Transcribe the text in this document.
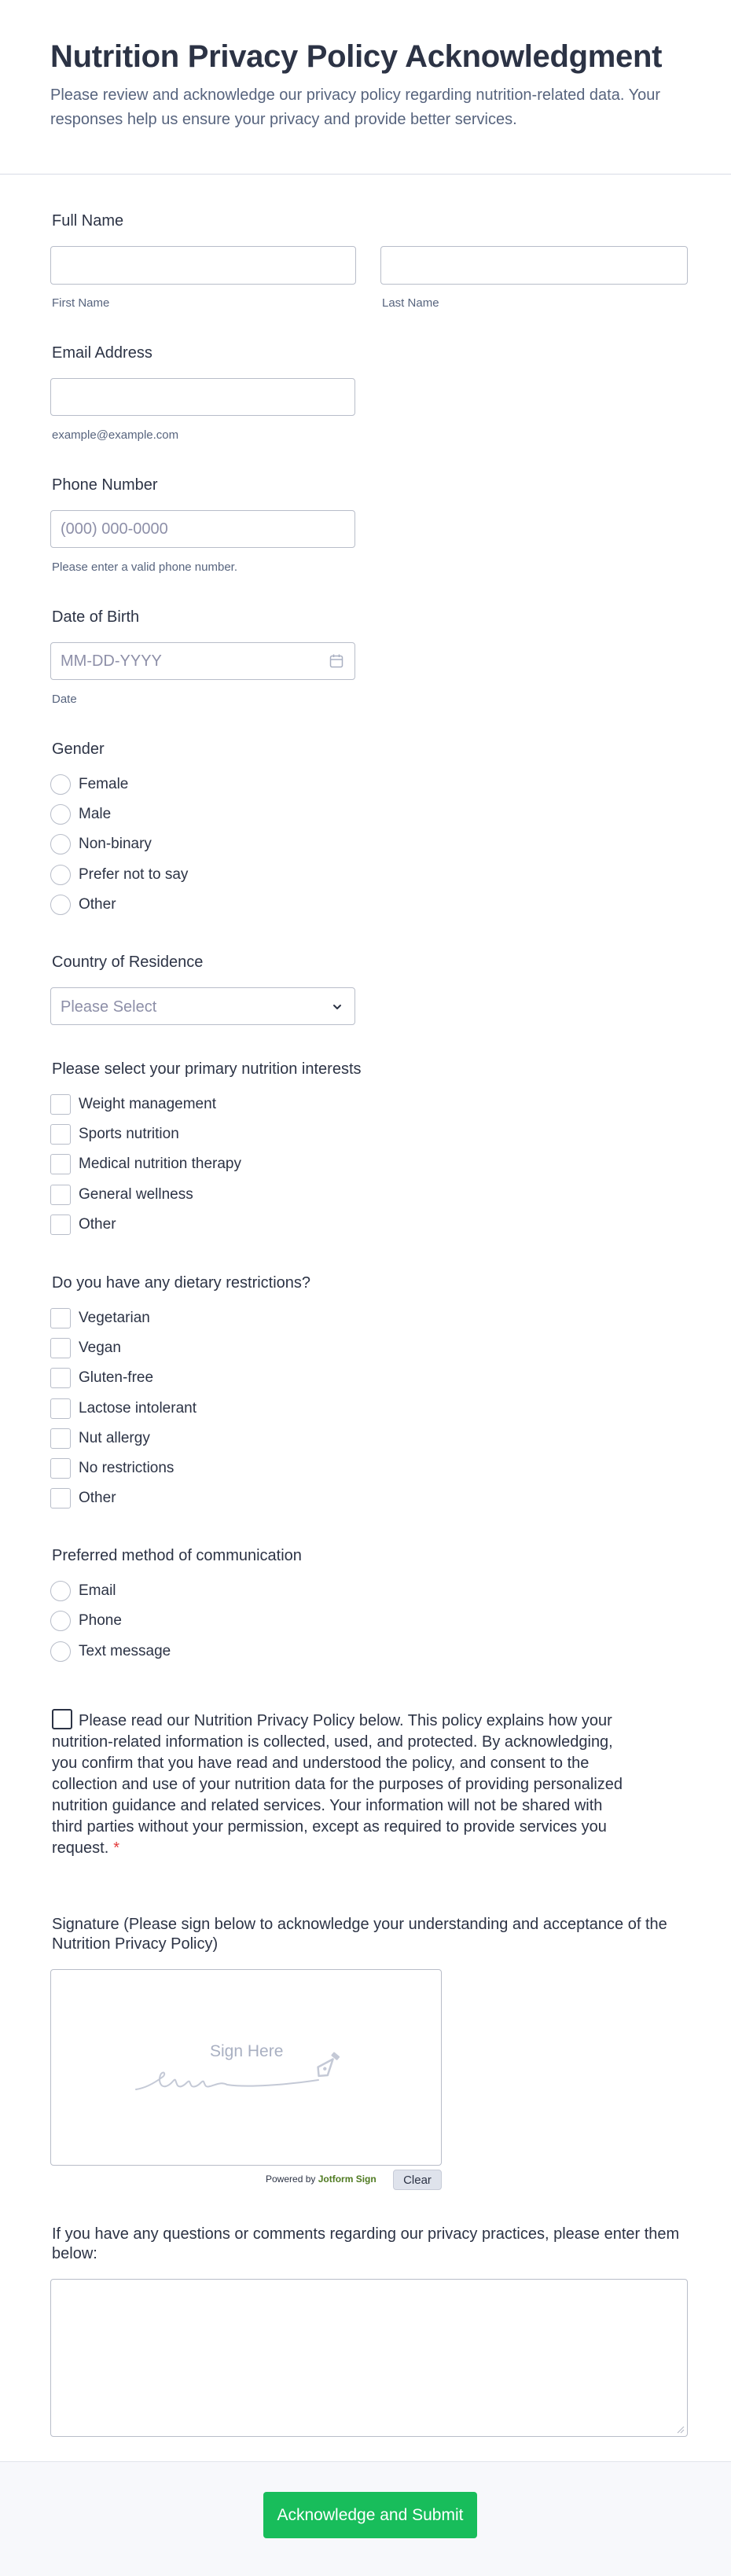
Nutrition Privacy Policy Acknowledgment
Please review and acknowledge our privacy policy regarding nutrition-related data. Your responses help us ensure your privacy and provide better services.
Full Name
First Name	Last Name
Email Address
example@example.com
Phone Number
(000) 000-0000
Please enter a valid phone number.
Date of Birth
MM-DD-YYYY
Date
Gender
Female
Male
Non-binary
Prefer not to say
Other
Country of Residence
Please Select
Please select your primary nutrition interests
Weight management
Sports nutrition
Medical nutrition therapy
General wellness
Other
Do you have any dietary restrictions?
Vegetarian
Vegan
Gluten-free
Lactose intolerant
Nut allergy
No restrictions
Other
Preferred method of communication
Email
Phone
Text message
Please read our Nutrition Privacy Policy below. This policy explains how your nutrition-related information is collected, used, and protected. By acknowledging, you confirm that you have read and understood the policy, and consent to the collection and use of your nutrition data for the purposes of providing personalized nutrition guidance and related services. Your information will not be shared with third parties without your permission, except as required to provide services you request. *
Signature (Please sign below to acknowledge your understanding and acceptance of the Nutrition Privacy Policy)
Sign Here
Powered by Jotform Sign	Clear
If you have any questions or comments regarding our privacy practices, please enter them below:
Acknowledge and Submit
